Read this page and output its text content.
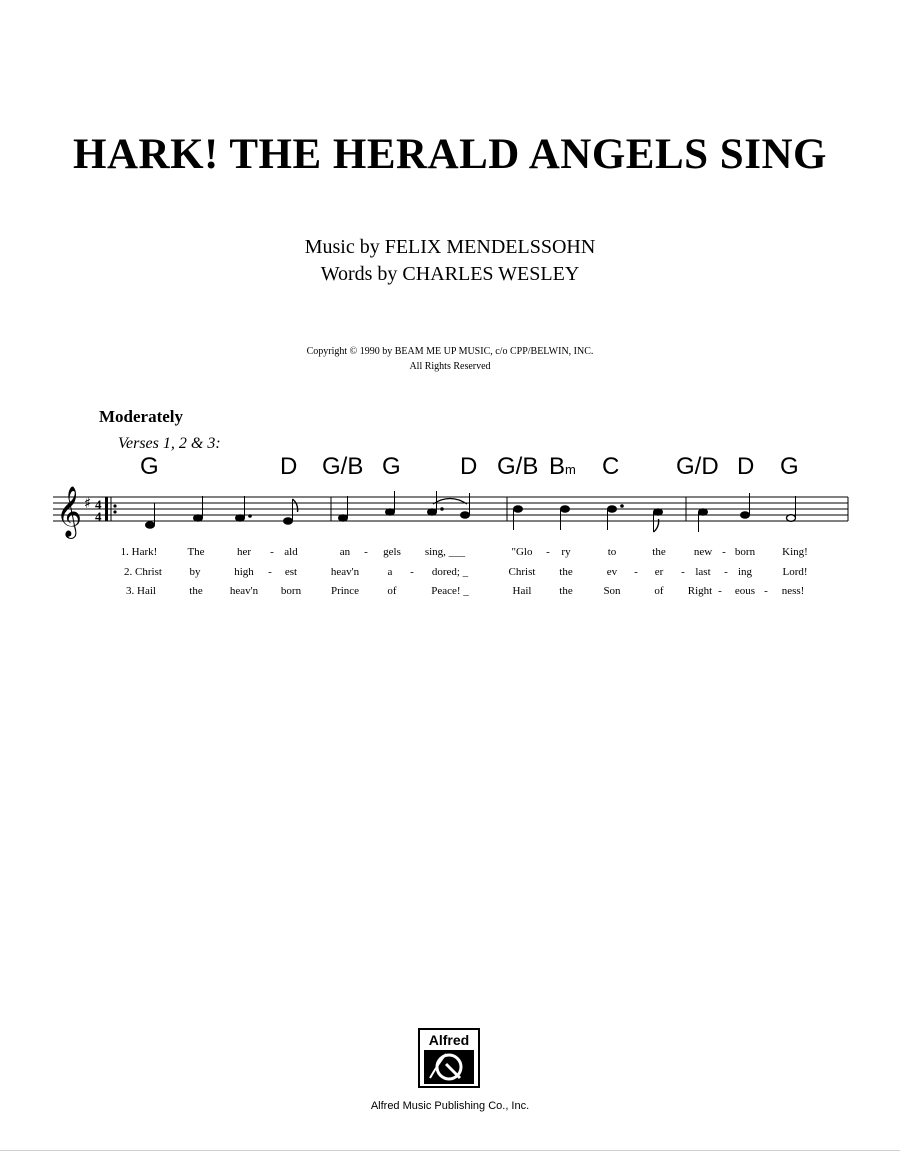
HARK! THE HERALD ANGELS SING
Music by FELIX MENDELSSOHN
Words by CHARLES WESLEY
Copyright © 1990 by BEAM ME UP MUSIC, c/o CPP/BELWIN, INC.
All Rights Reserved
Moderately
Verses 1, 2 & 3:
G	D G/B G D G/B Bm C G/D D G
𝄞 ♯ 4
4
1. Hark!	The	her - ald	an - gels sing, ___	"Glo - ry	to	the	new - born King!
2. Christ	by	high - est	heav'n	a - dored; _	Christ the	ev - er - last - ing	Lord!
3. Hail	the heav'n born	Prince	of	Peace! _	Hail	the	Son	of Right - eous - ness!
Alfred
Alfred Music Publishing Co., Inc.
